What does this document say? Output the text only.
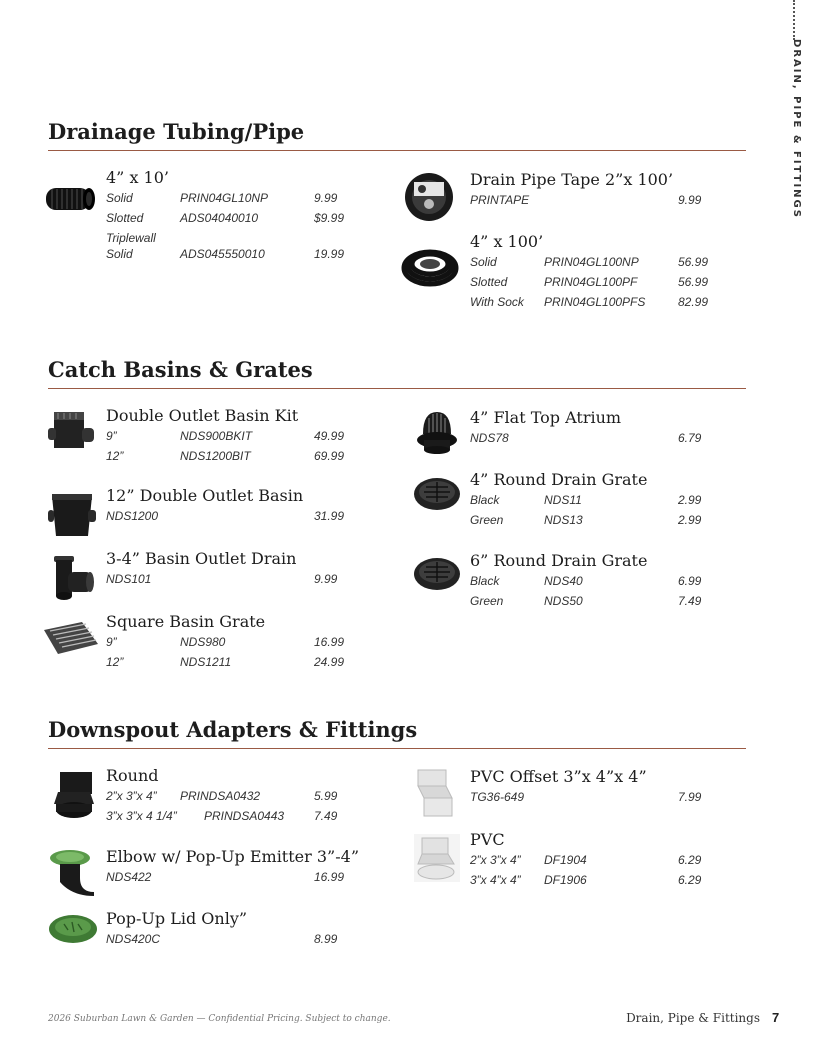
DRAIN, PIPE & FITTINGS
Drainage Tubing/Pipe
4” x 10’
Solid	PRIN04GL10NP	9.99
Slotted	ADS04040010	$9.99
Triplewall
Solid	ADS045550010	19.99
Drain Pipe Tape 2”x 100’
PRINTAPE	9.99
4” x 100’
Solid	PRIN04GL100NP	56.99
Slotted	PRIN04GL100PF	56.99
With Sock PRIN04GL100PFS	82.99
Catch Basins & Grates
Double Outlet Basin Kit
9”	NDS900BKIT	49.99
12”	NDS1200BIT	69.99
12” Double Outlet Basin
NDS1200	31.99
3-4” Basin Outlet Drain
NDS101	9.99
Square Basin Grate
9”	NDS980	16.99
12”	NDS1211	24.99
4” Flat Top Atrium
NDS78	6.79
4” Round Drain Grate
Black	NDS11	2.99
Green	NDS13	2.99
6” Round Drain Grate
Black	NDS40	6.99
Green	NDS50	7.49
Downspout Adapters & Fittings
Round
2”x 3”x 4” PRINDSA0432	5.99
3”x 3”x 4 1/4” PRINDSA0443 7.49
Elbow w/ Pop-Up Emitter 3”-4”
NDS422	16.99
Pop-Up Lid Only”
NDS420C	8.99
PVC Offset 3”x 4”x 4”
TG36-649	7.99
PVC
2”x 3”x 4” DF1904	6.29
3”x 4”x 4” DF1906	6.29
2026 Suburban Lawn & Garden — Confidential Pricing. Subject to change.	Drain, Pipe & Fittings 7
